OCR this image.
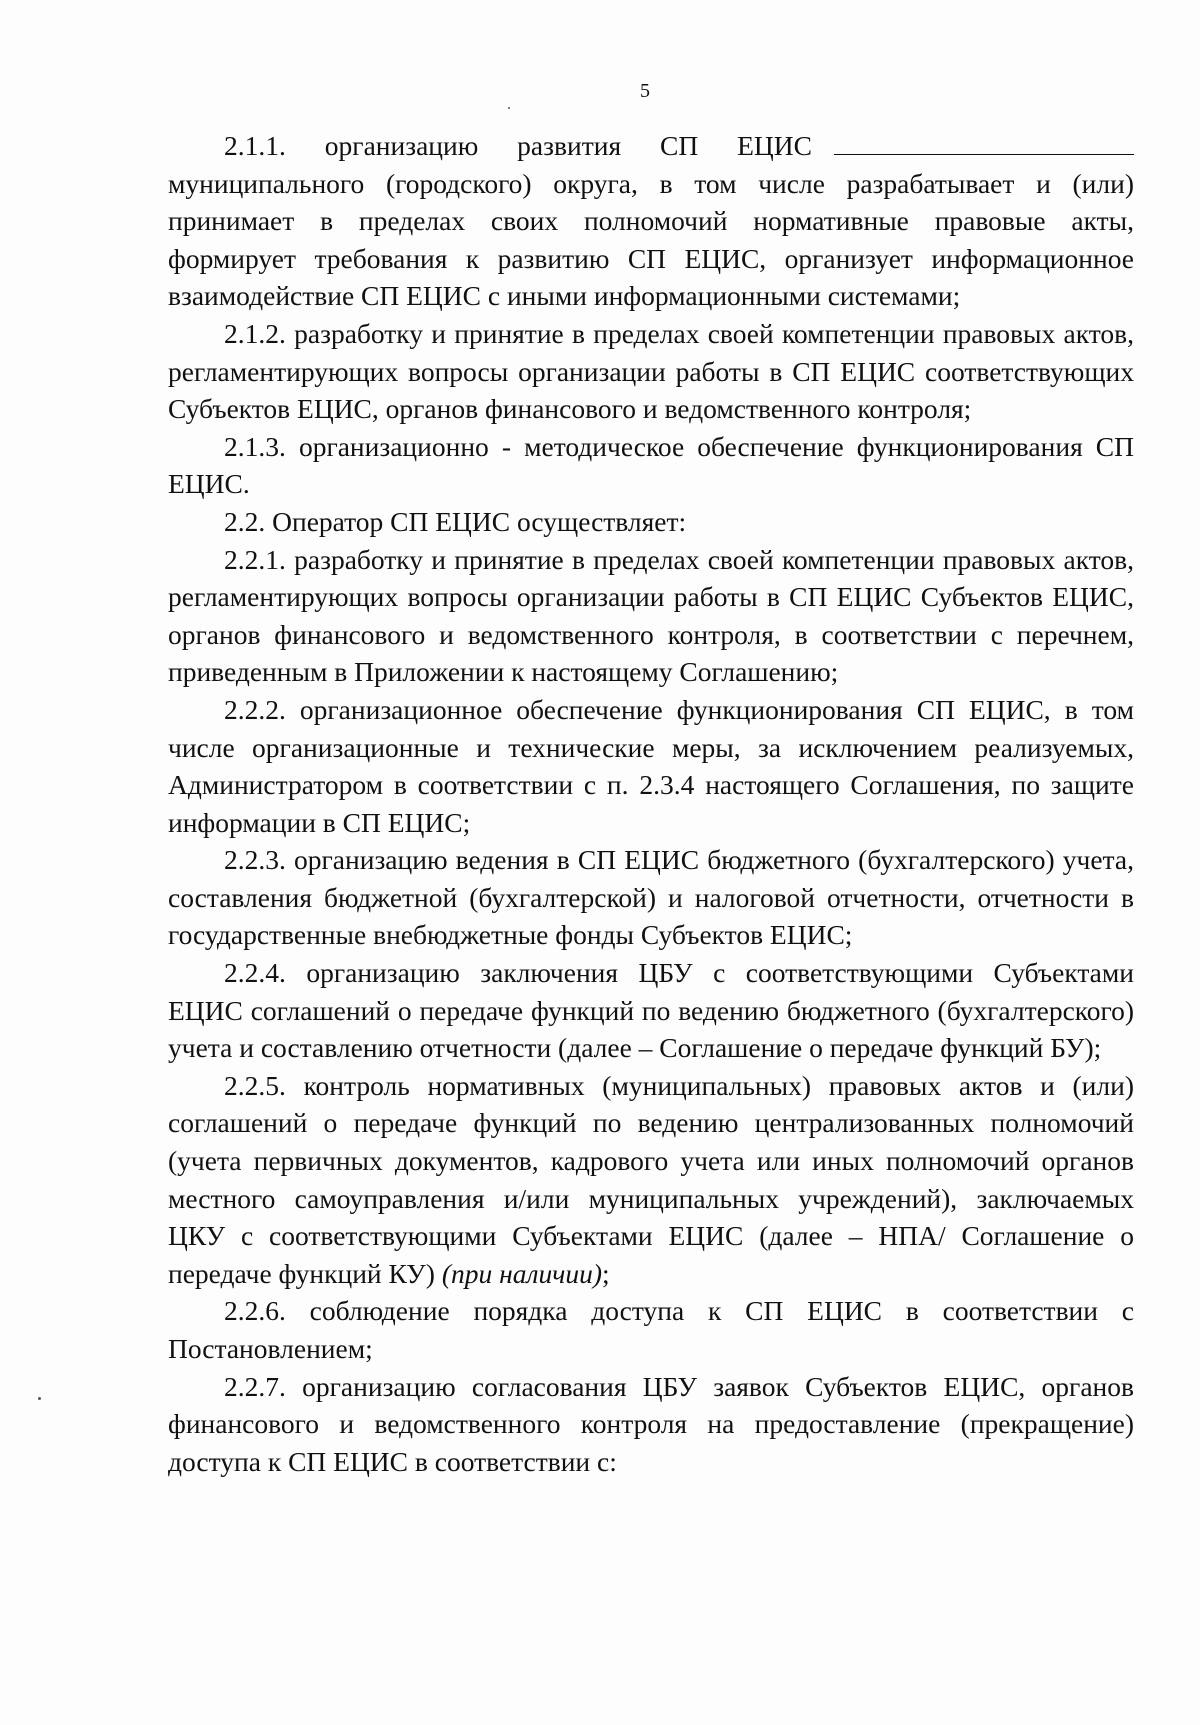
5

2.1.1. организацию развития СП ЕЦИС муниципального (городского) округа, в том числе разрабатывает и (или) принимает в пределах своих полномочий нормативные правовые акты, формирует требования к развитию СП ЕЦИС, организует информационное взаимодействие СП ЕЦИС с иными информационными системами;

2.1.2. разработку и принятие в пределах своей компетенции правовых актов, регламентирующих вопросы организации работы в СП ЕЦИС соответствующих Субъектов ЕЦИС, органов финансового и ведомственного контроля;

2.1.3. организационно - методическое обеспечение функционирования СП ЕЦИС.

2.2. Оператор СП ЕЦИС осуществляет:

2.2.1. разработку и принятие в пределах своей компетенции правовых актов, регламентирующих вопросы организации работы в СП ЕЦИС Субъектов ЕЦИС, органов финансового и ведомственного контроля, в соответствии с перечнем, приведенным в Приложении к настоящему Соглашению;

2.2.2. организационное обеспечение функционирования СП ЕЦИС, в том числе организационные и технические меры, за исключением реализуемых, Администратором в соответствии с п. 2.3.4 настоящего Соглашения, по защите информации в СП ЕЦИС;

2.2.3. организацию ведения в СП ЕЦИС бюджетного (бухгалтерского) учета, составления бюджетной (бухгалтерской) и налоговой отчетности, отчетности в государственные внебюджетные фонды Субъектов ЕЦИС;

2.2.4. организацию заключения ЦБУ с соответствующими Субъектами ЕЦИС соглашений о передаче функций по ведению бюджетного (бухгалтерского) учета и составлению отчетности (далее – Соглашение о передаче функций БУ);

2.2.5. контроль нормативных (муниципальных) правовых актов и (или) соглашений о передаче функций по ведению централизованных полномочий (учета первичных документов, кадрового учета или иных полномочий органов местного самоуправления и/или муниципальных учреждений), заключаемых ЦКУ с соответствующими Субъектами ЕЦИС (далее – НПА/ Соглашение о передаче функций КУ) (при наличии);

2.2.6. соблюдение порядка доступа к СП ЕЦИС в соответствии с Постановлением;

2.2.7. организацию согласования ЦБУ заявок Субъектов ЕЦИС, органов финансового и ведомственного контроля на предоставление (прекращение) доступа к СП ЕЦИС в соответствии с:
